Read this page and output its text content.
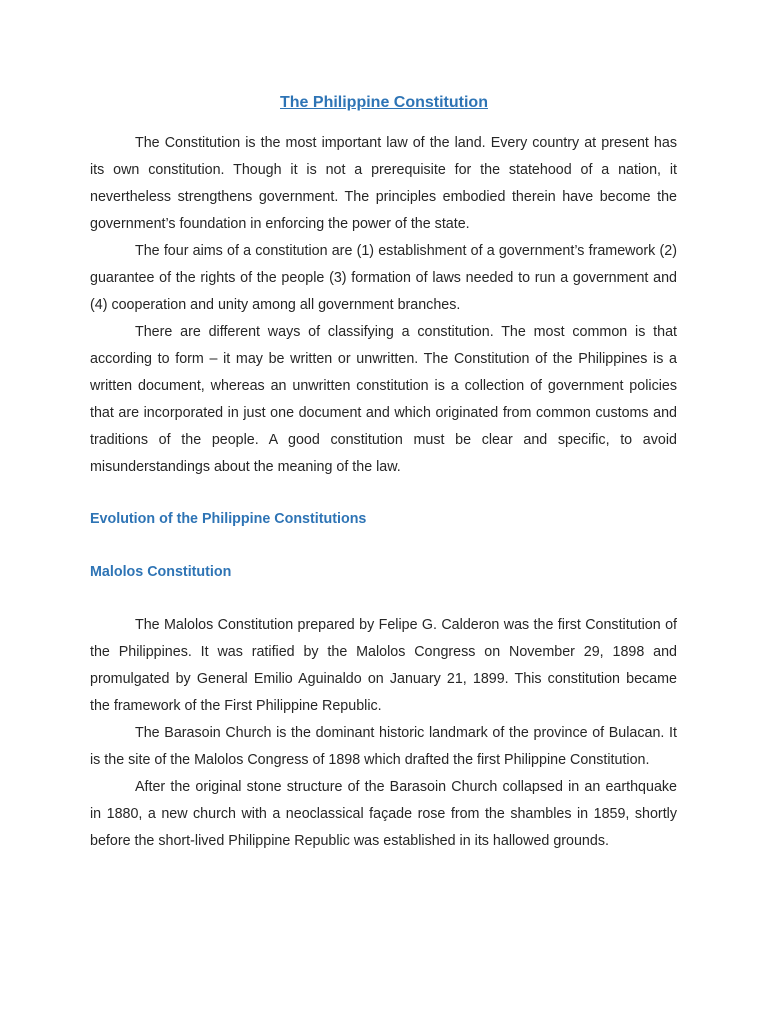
The Philippine Constitution

The Constitution is the most important law of the land. Every country at present has its own constitution. Though it is not a prerequisite for the statehood of a nation, it nevertheless strengthens government. The principles embodied therein have become the government’s foundation in enforcing the power of the state.

The four aims of a constitution are (1) establishment of a government’s framework (2) guarantee of the rights of the people (3) formation of laws needed to run a government and (4) cooperation and unity among all government branches.

There are different ways of classifying a constitution. The most common is that according to form – it may be written or unwritten. The Constitution of the Philippines is a written document, whereas an unwritten constitution is a collection of government policies that are incorporated in just one document and which originated from common customs and traditions of the people. A good constitution must be clear and specific, to avoid misunderstandings about the meaning of the law.

Evolution of the Philippine Constitutions
Malolos Constitution

The Malolos Constitution prepared by Felipe G. Calderon was the first Constitution of the Philippines. It was ratified by the Malolos Congress on November 29, 1898 and promulgated by General Emilio Aguinaldo on January 21, 1899. This constitution became the framework of the First Philippine Republic.

The Barasoin Church is the dominant historic landmark of the province of Bulacan. It is the site of the Malolos Congress of 1898 which drafted the first Philippine Constitution.

After the original stone structure of the Barasoin Church collapsed in an earthquake in 1880, a new church with a neoclassical façade rose from the shambles in 1859, shortly before the short-lived Philippine Republic was established in its hallowed grounds.
